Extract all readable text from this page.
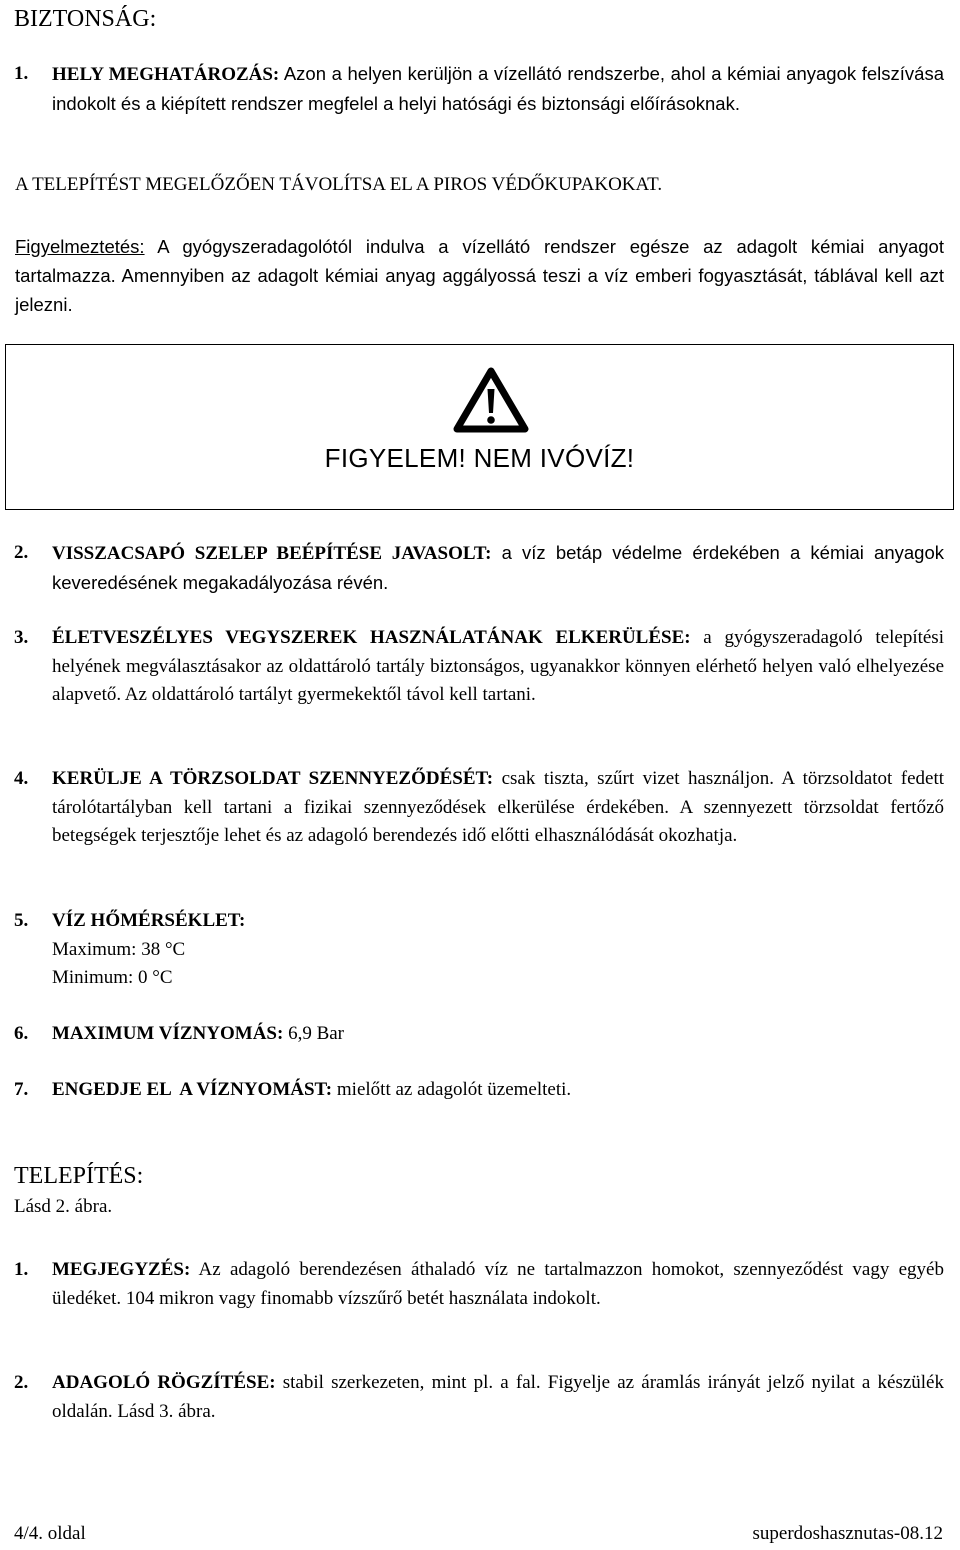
BIZTONSÁG:
1. HELY MEGHATÁROZÁS: Azon a helyen kerüljön a vízellátó rendszerbe, ahol a kémiai anyagok felszívása indokolt és a kiépített rendszer megfelel a helyi hatósági és biztonsági előírásoknak.
A TELEPÍTÉST MEGELŐZŐEN TÁVOLÍTSA EL A PIROS VÉDŐKUPAKOKAT.

Figyelmeztetés: A gyógyszeradagolótól indulva a vízellátó rendszer egésze az adagolt kémiai anyagot tartalmazza. Amennyiben az adagolt kémiai anyag aggályossá teszi a víz emberi fogyasztását, táblával kell azt jelezni.

FIGYELEM! NEM IVÓVÍZ!
2. VISSZACSAPÓ SZELEP BEÉPÍTÉSE JAVASOLT: a víz betáp védelme érdekében a kémiai anyagok keveredésének megakadályozása révén.
3. ÉLETVESZÉLYES VEGYSZEREK HASZNÁLATÁNAK ELKERÜLÉSE: a gyógyszeradagoló telepítési helyének megválasztásakor az oldattároló tartály biztonságos, ugyanakkor könnyen elérhető helyen való elhelyezése alapvető. Az oldattároló tartályt gyermekektől távol kell tartani.
4. KERÜLJE A TÖRZSOLDAT SZENNYEZŐDÉSÉT: csak tiszta, szűrt vizet használjon. A törzsoldatot fedett tárolótartályban kell tartani a fizikai szennyeződések elkerülése érdekében. A szennyezett törzsoldat fertőző betegségek terjesztője lehet és az adagoló berendezés idő előtti elhasználódását okozhatja.
5. VÍZ HŐMÉRSÉKLET:
Maximum: 38 °C
Minimum: 0 °C
6. MAXIMUM VÍZNYOMÁS: 6,9 Bar
7. ENGEDJE EL  A VÍZNYOMÁST: mielőtt az adagolót üzemelteti.
TELEPÍTÉS:
Lásd 2. ábra.
1. MEGJEGYZÉS: Az adagoló berendezésen áthaladó víz ne tartalmazzon homokot, szennyeződést vagy egyéb üledéket. 104 mikron vagy finomabb vízszűrő betét használata indokolt.
2. ADAGOLÓ RÖGZÍTÉSE: stabil szerkezeten, mint pl. a fal. Figyelje az áramlás irányát jelző nyilat a készülék oldalán. Lásd 3. ábra.
4/4. oldal	superdoshasznutas-08.12
